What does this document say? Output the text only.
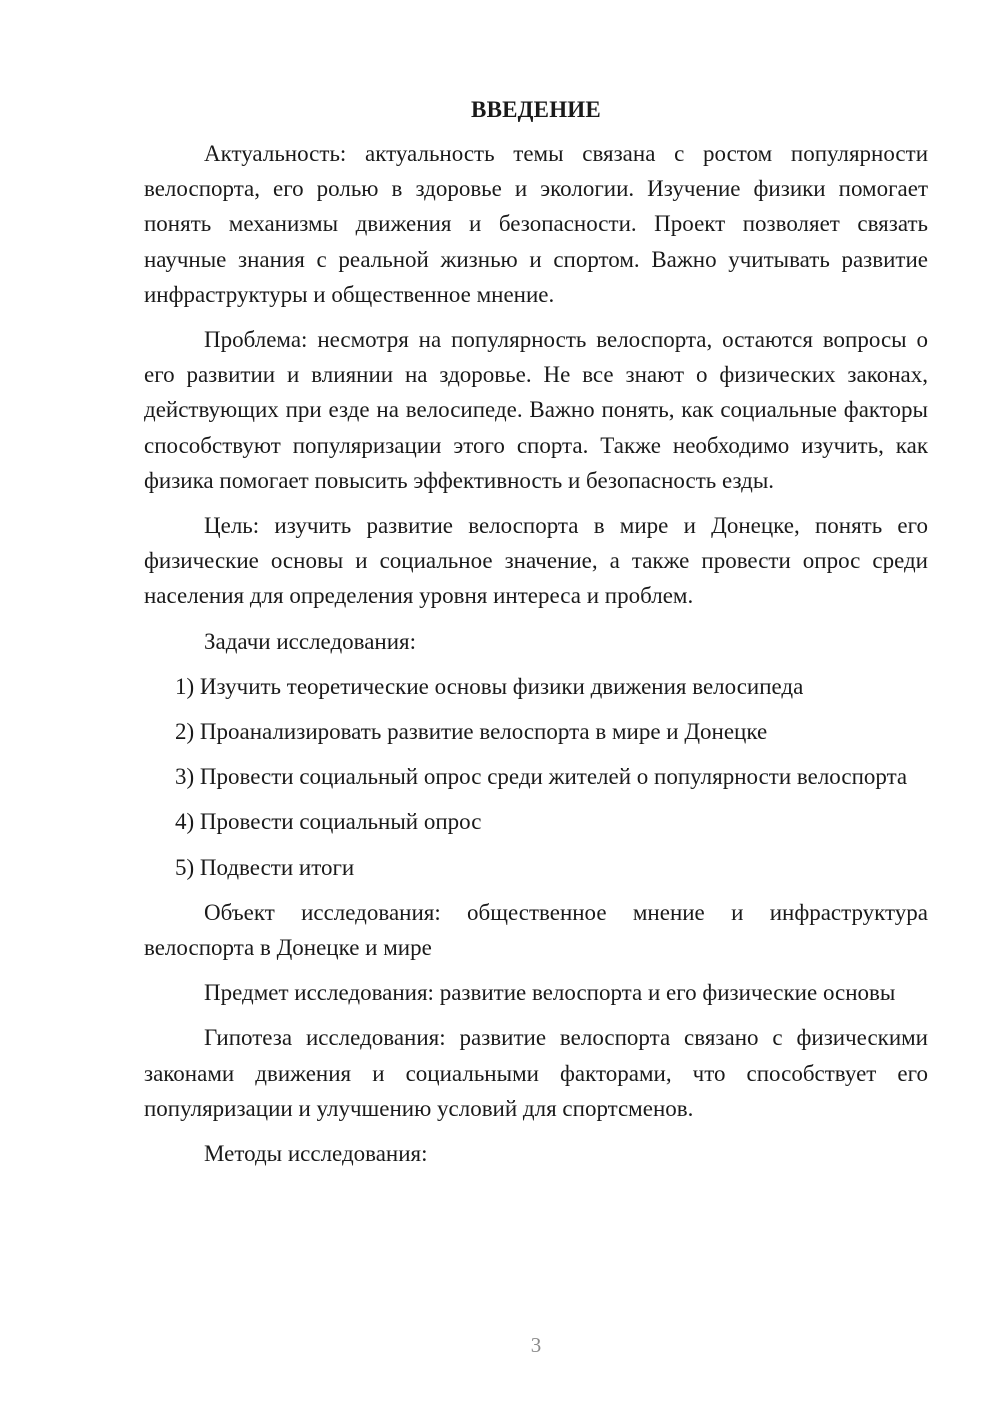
ВВЕДЕНИЕ

Актуальность: актуальность темы связана с ростом популярности велоспорта, его ролью в здоровье и экологии. Изучение физики помогает понять механизмы движения и безопасности. Проект позволяет связать научные знания с реальной жизнью и спортом. Важно учитывать развитие инфраструктуры и общественное мнение.

Проблема: несмотря на популярность велоспорта, остаются вопросы о его развитии и влиянии на здоровье. Не все знают о физических законах, действующих при езде на велосипеде. Важно понять, как социальные факторы способствуют популяризации этого спорта. Также необходимо изучить, как физика помогает повысить эффективность и безопасность езды.

Цель: изучить развитие велоспорта в мире и Донецке, понять его физические основы и социальное значение, а также провести опрос среди населения для определения уровня интереса и проблем.

Задачи исследования:

1) Изучить теоретические основы физики движения велосипеда

2) Проанализировать развитие велоспорта в мире и Донецке

3) Провести социальный опрос среди жителей о популярности велоспорта

4) Провести социальный опрос

5) Подвести итоги

Объект исследования: общественное мнение и инфраструктура велоспорта в Донецке и мире

Предмет исследования: развитие велоспорта и его физические основы

Гипотеза исследования: развитие велоспорта связано с физическими законами движения и социальными факторами, что способствует его популяризации и улучшению условий для спортсменов.

Методы исследования:

3
